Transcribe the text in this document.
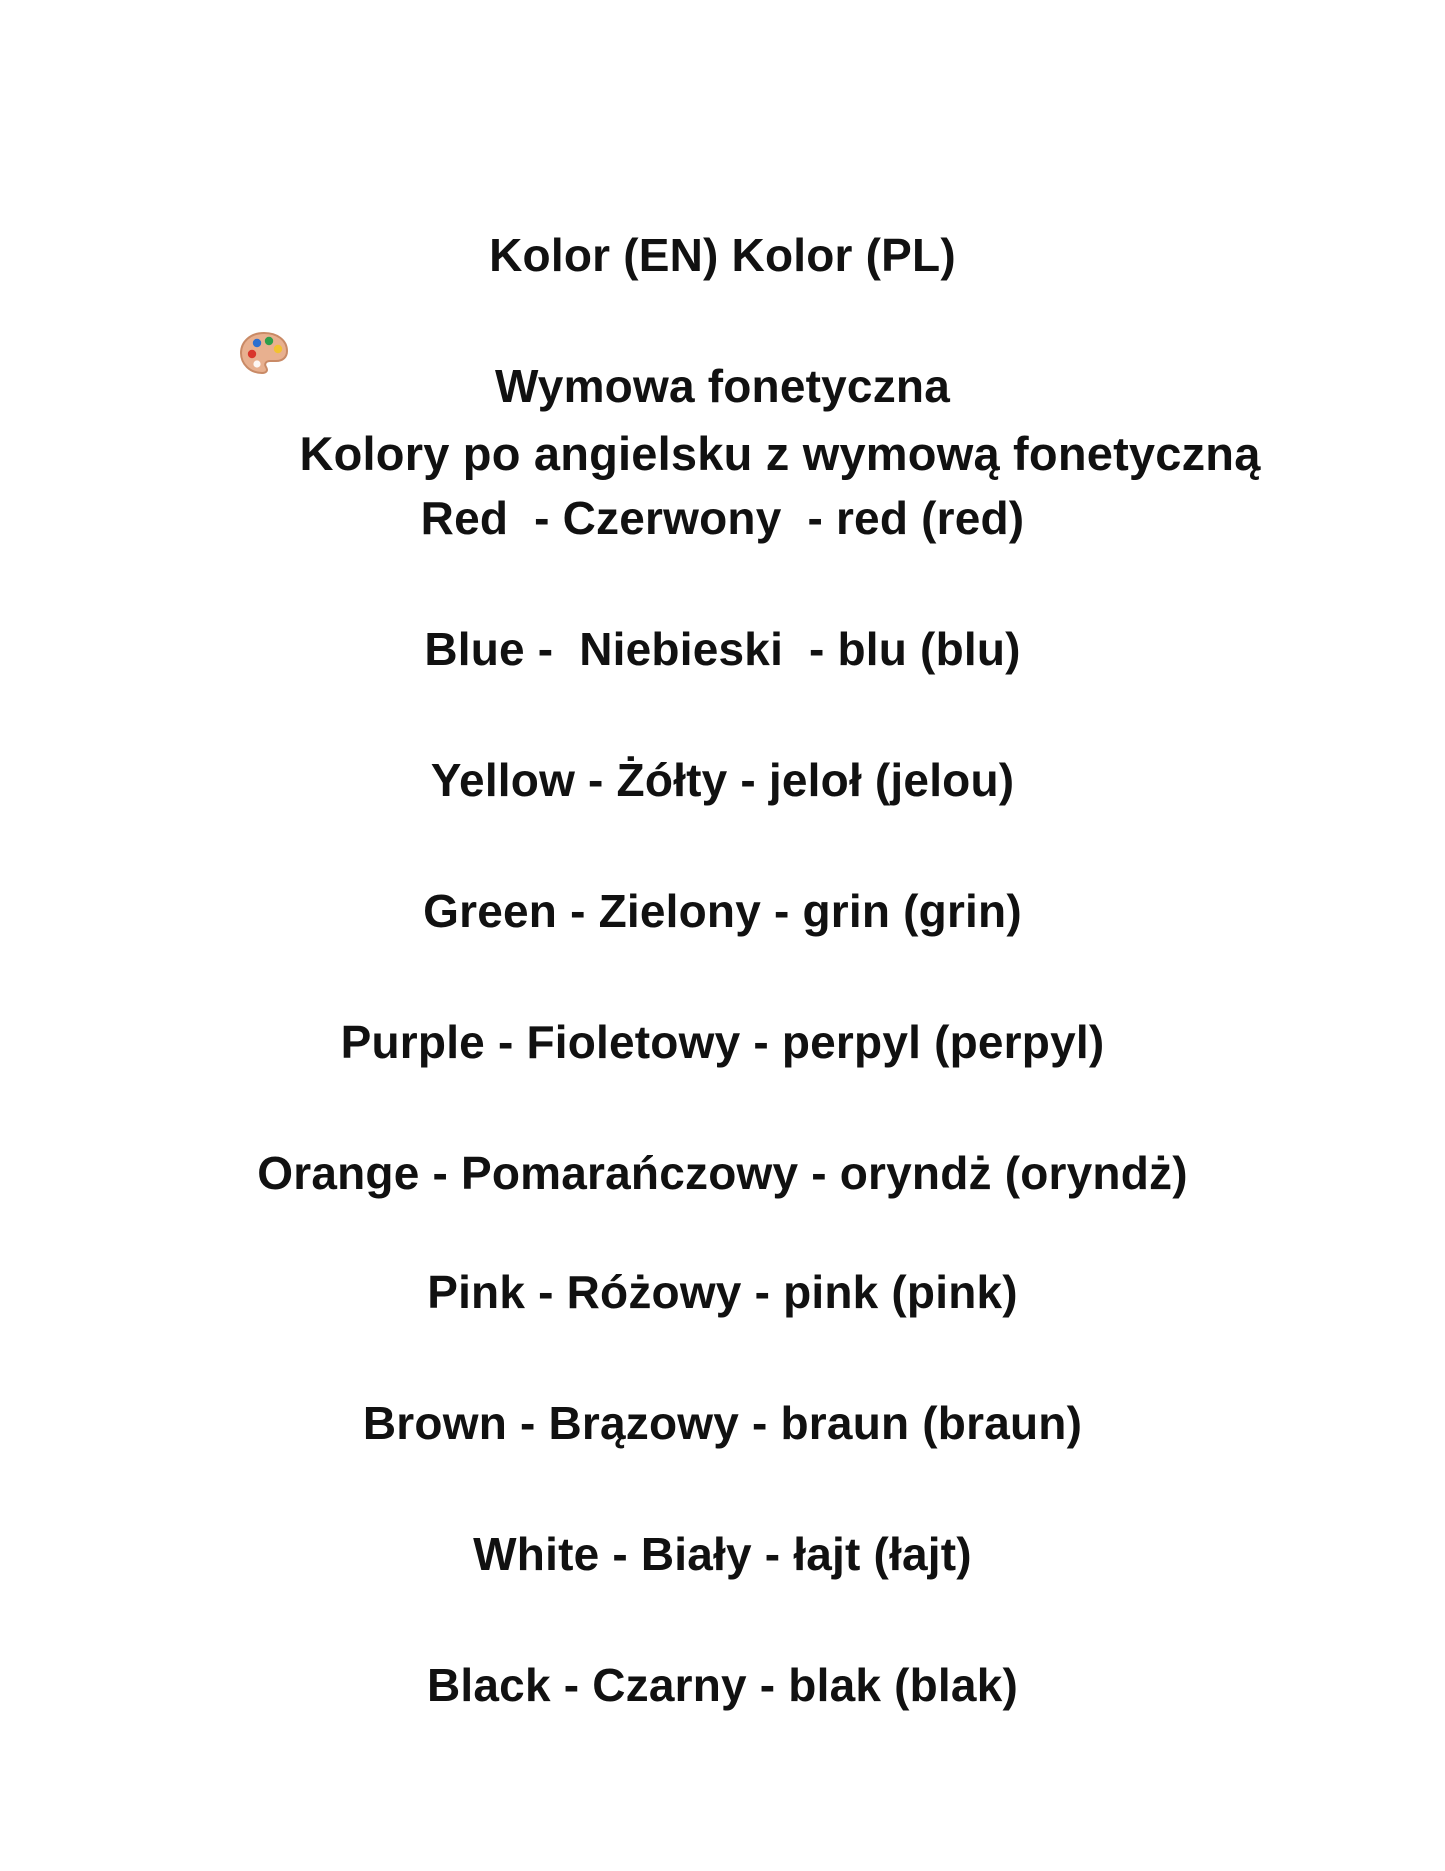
Kolory po angielsku z wymową fonetyczną

Kolor (EN) Kolor (PL)
Wymowa fonetyczna
Red  - Czerwony  - red (red)
Blue -  Niebieski  - blu (blu)
Yellow - Żółty - jeloł (jelou)
Green - Zielony - grin (grin)
Purple - Fioletowy - perpyl (perpyl)
Orange - Pomarańczowy - oryndż (oryndż)
Pink - Różowy - pink (pink)
Brown - Brązowy - braun (braun)
White - Biały - łajt (łajt)
Black - Czarny - blak (blak)
